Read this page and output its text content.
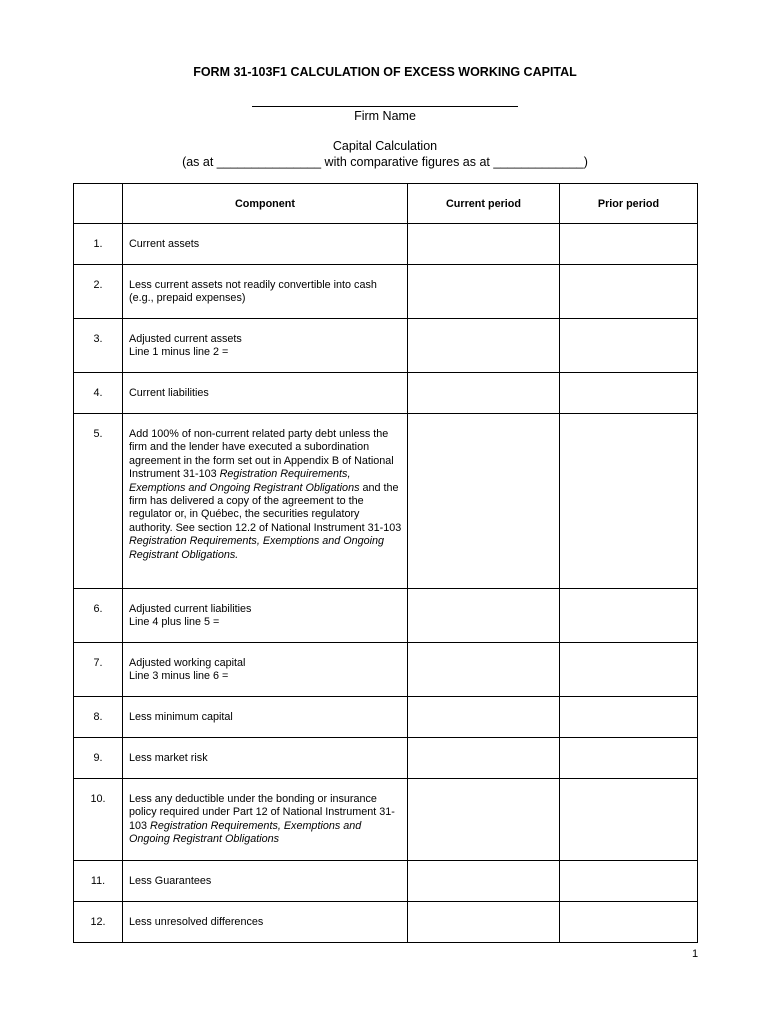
FORM 31-103F1 CALCULATION OF EXCESS WORKING CAPITAL
Firm Name
Capital Calculation
(as at _______________ with comparative figures as at _____________)
	Component	Current period	Prior period
1.	Current assets		
2.	Less current assets not readily convertible into cash (e.g., prepaid expenses)		
3.	Adjusted current assets
Line 1 minus line 2 =		

4.	Current liabilities		
5.	Add 100% of non-current related party debt unless the firm and the lender have executed a subordination agreement in the form set out in Appendix B of National Instrument 31-103 Registration Requirements, Exemptions and Ongoing Registrant Obligations and the firm has delivered a copy of the agreement to the regulator or, in Québec, the securities regulatory authority. See section 12.2 of National Instrument 31-103 Registration Requirements, Exemptions and Ongoing Registrant Obligations.		
6.	Adjusted current liabilities
Line 4 plus line 5 =		

7.	Adjusted working capital
Line 3 minus line 6 =		

8.	Less minimum capital		
9.	Less market risk		
10.	Less any deductible under the bonding or insurance policy required under Part 12 of National Instrument 31-103 Registration Requirements, Exemptions and Ongoing Registrant Obligations		
11.	Less Guarantees		
12.	Less unresolved differences		
1
